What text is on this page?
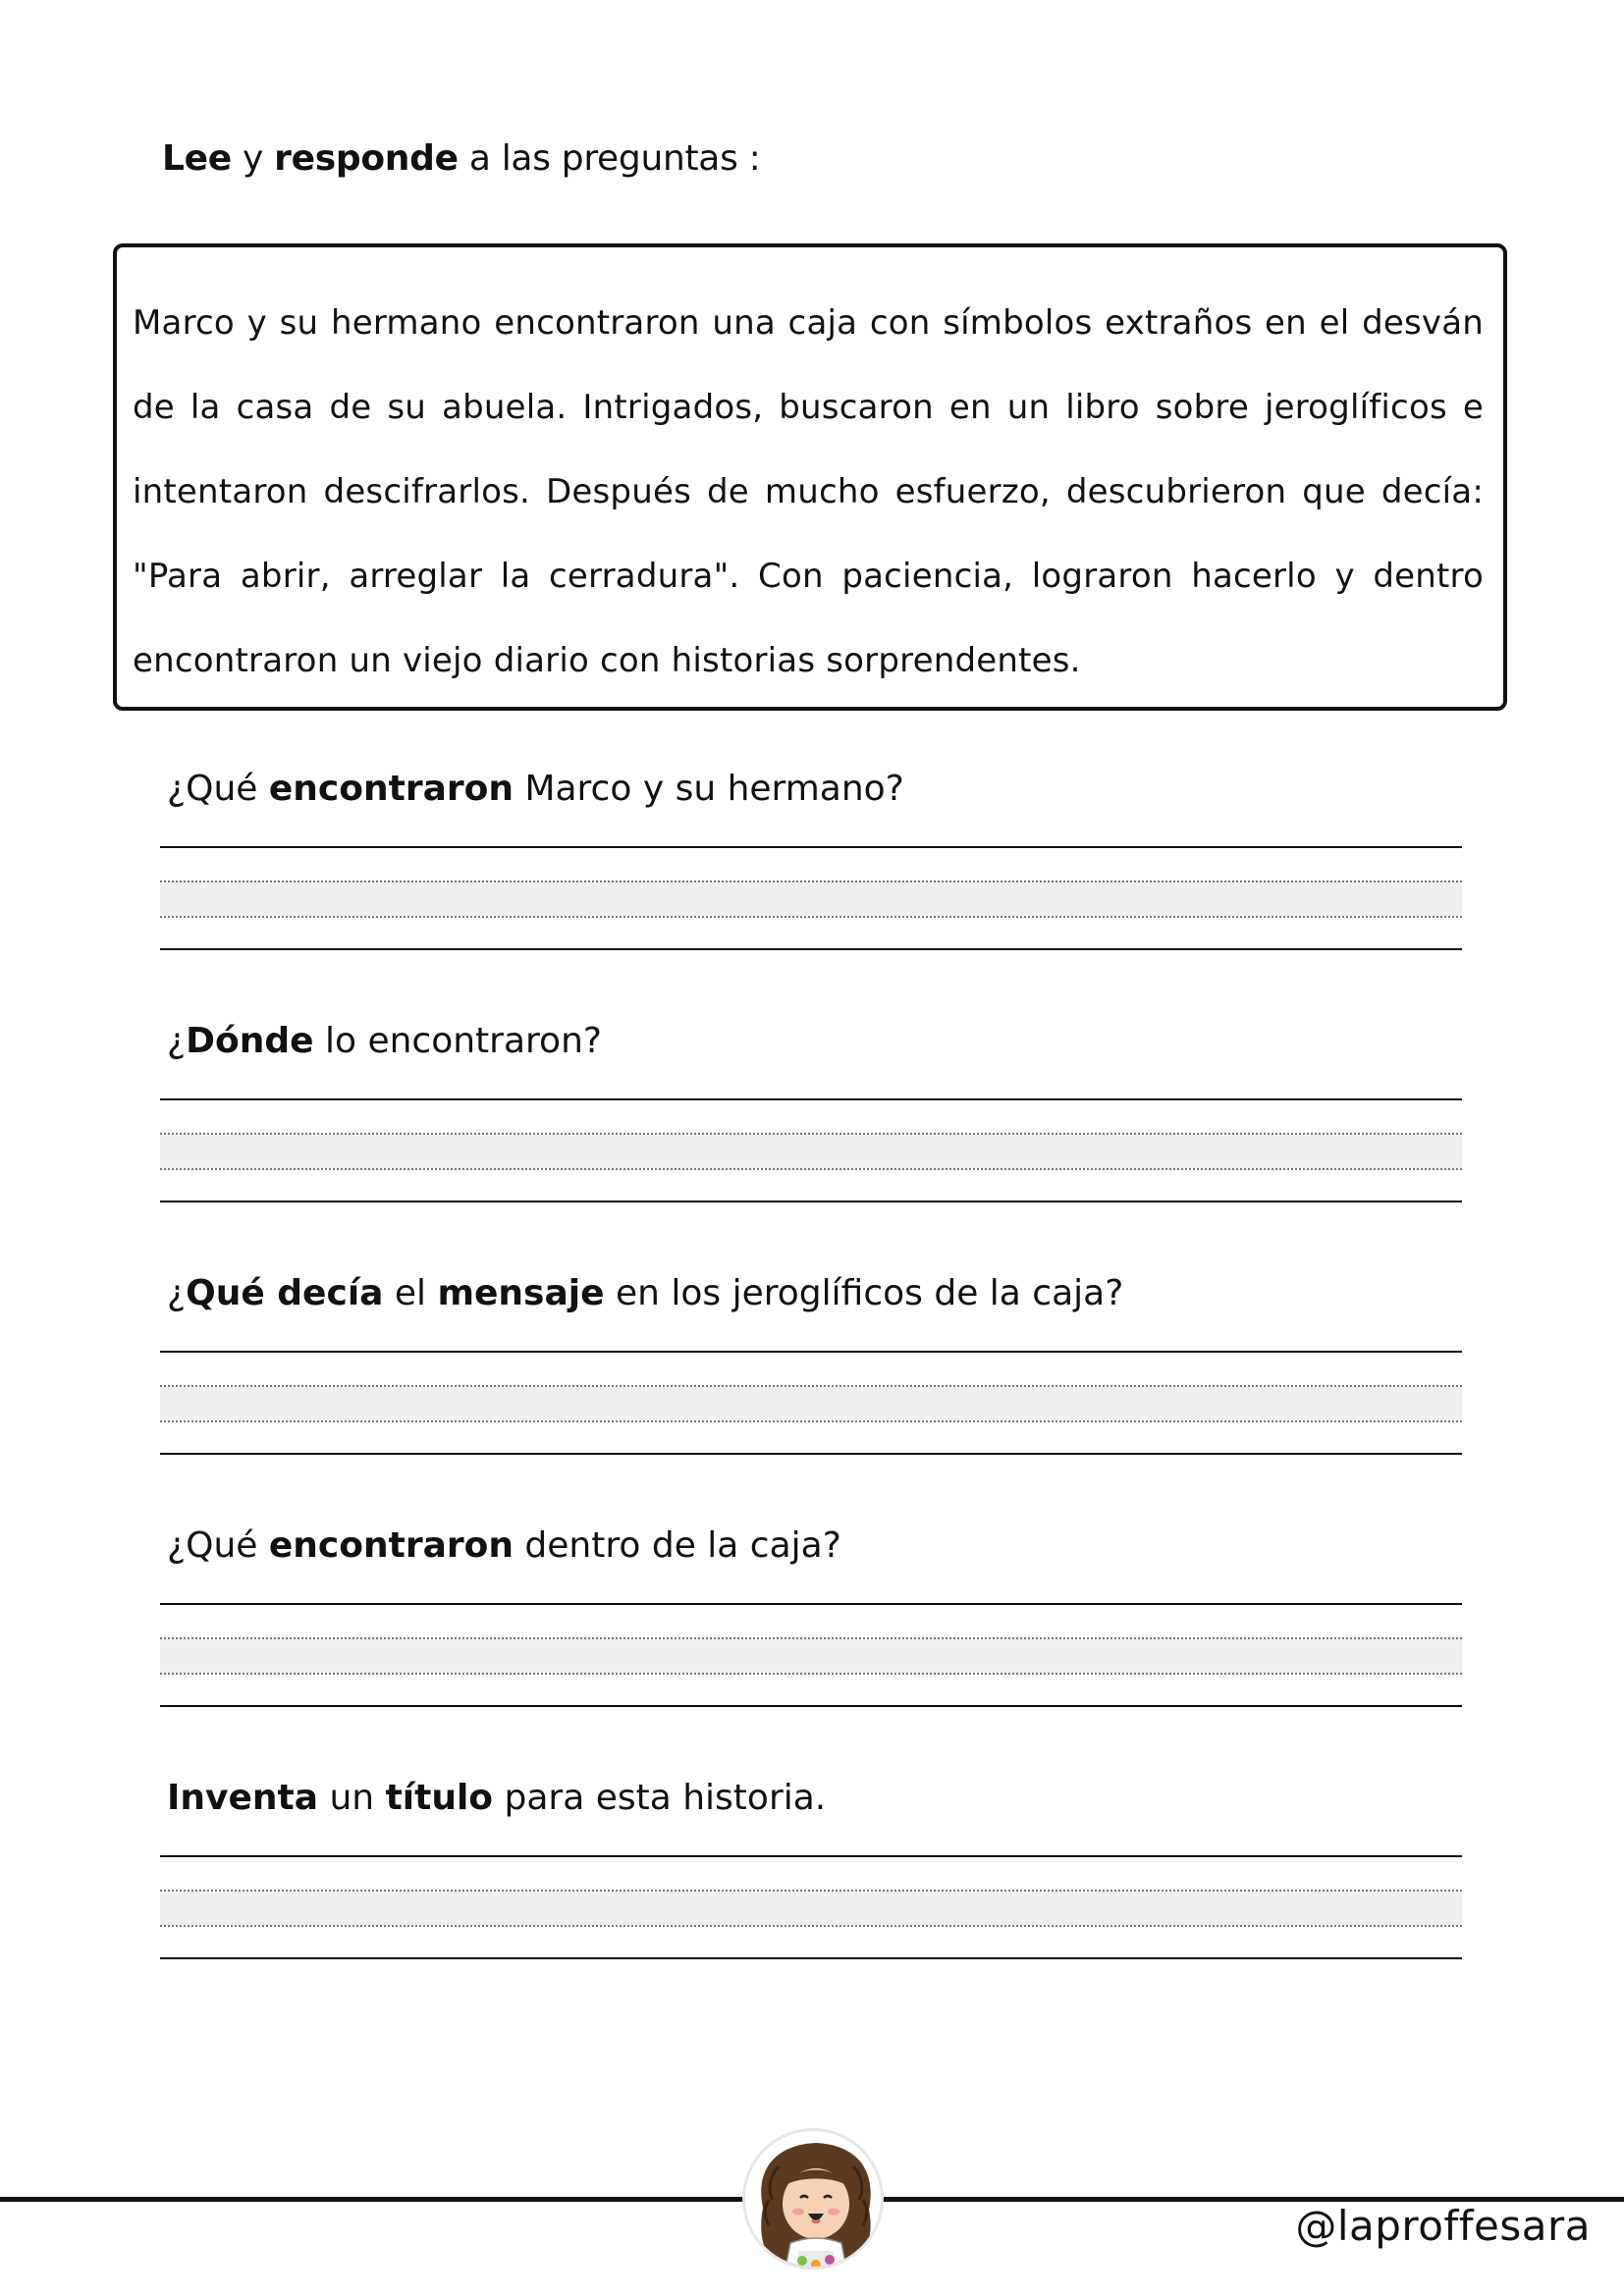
Lee y responde a las preguntas :
Marco y su hermano encontraron una caja con símbolos extraños en el desván de la casa de su abuela. Intrigados, buscaron en un libro sobre jeroglíficos e intentaron descifrarlos. Después de mucho esfuerzo, descubrieron que decía: "Para abrir, arreglar la cerradura". Con paciencia, lograron hacerlo y dentro encontraron un viejo diario con historias sorprendentes.
¿Qué encontraron Marco y su hermano?
¿Dónde lo encontraron?
¿Qué decía el mensaje en los jeroglíficos de la caja?
¿Qué encontraron dentro de la caja?
Inventa un título para esta historia.
@laproffesara
